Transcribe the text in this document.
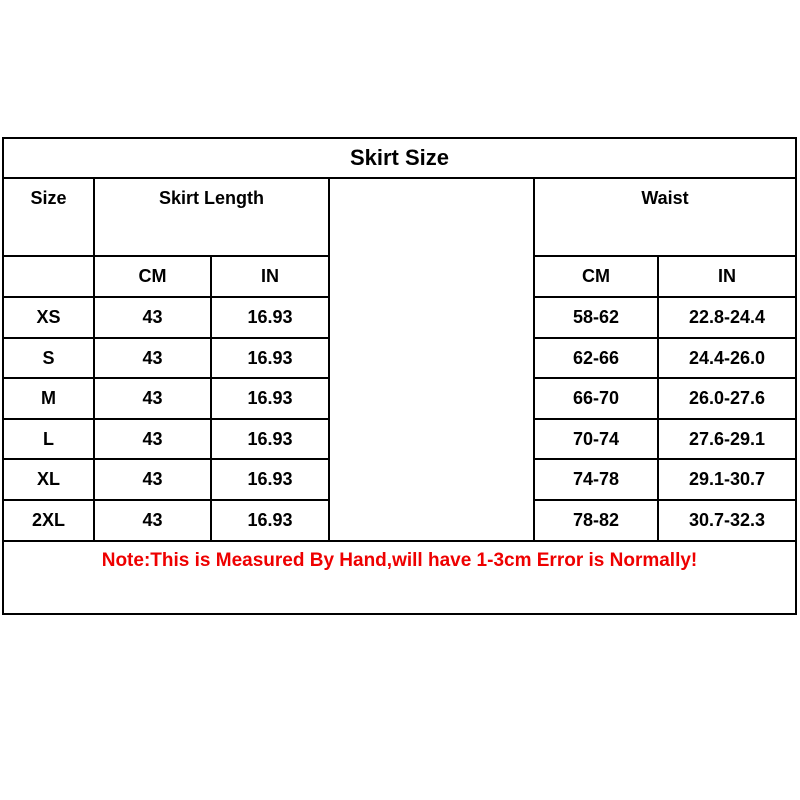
Skirt Size
Size	Skirt Length	Waist
CM	IN	CM	IN
XS	43	16.93	58-62	22.8-24.4
S	43	16.93	62-66	24.4-26.0
M	43	16.93	66-70	26.0-27.6
L	43	16.93	70-74	27.6-29.1
XL	43	16.93	74-78	29.1-30.7
2XL	43	16.93	78-82	30.7-32.3
Note:This is Measured By Hand,will have 1-3cm Error is Normally!
